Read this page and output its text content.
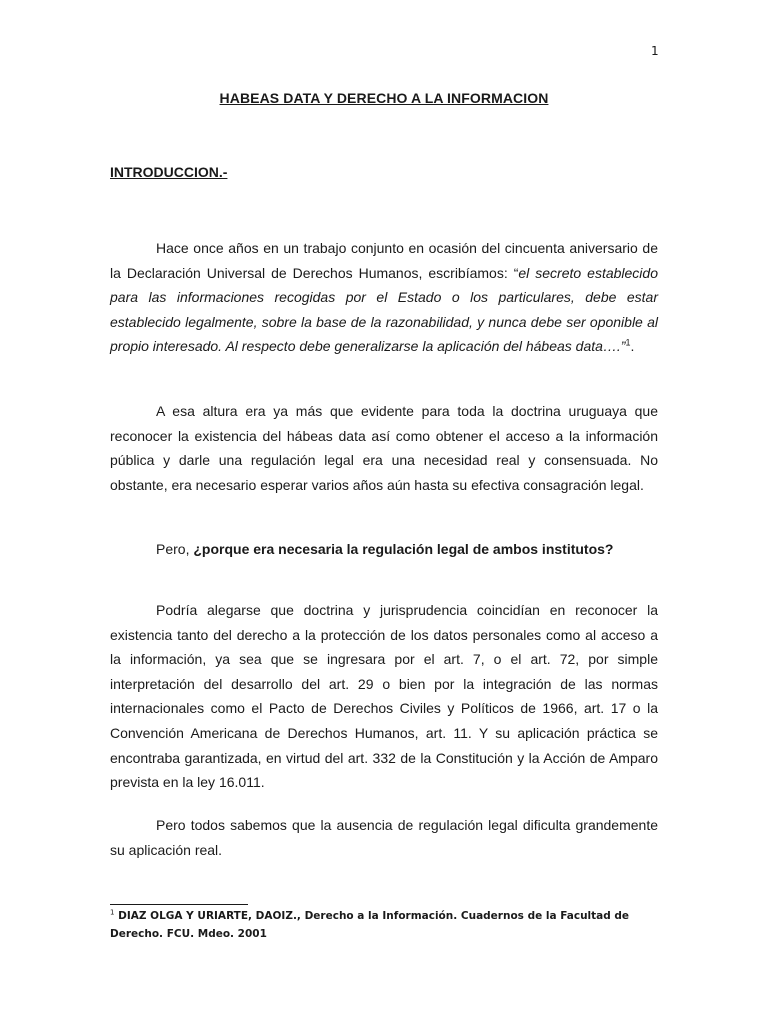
1
HABEAS DATA Y DERECHO A LA INFORMACION
INTRODUCCION.-

Hace once años en un trabajo conjunto en ocasión del cincuenta aniversario de la Declaración Universal de Derechos Humanos, escribíamos: “el secreto establecido para las informaciones recogidas por el Estado o los particulares, debe estar establecido legalmente, sobre la base de la razonabilidad, y nunca debe ser oponible al propio interesado. Al respecto debe generalizarse la aplicación del hábeas data….”$^1$.

A esa altura era ya más que evidente para toda la doctrina uruguaya que reconocer la existencia del hábeas data así como obtener el acceso a la información pública y darle una regulación legal era una necesidad real y consensuada. No obstante, era necesario esperar varios años aún hasta su efectiva consagración legal.

Pero, ¿porque era necesaria la regulación legal de ambos institutos?

Podría alegarse que doctrina y jurisprudencia coincidían en reconocer la existencia tanto del derecho a la protección de los datos personales como al acceso a la información, ya sea que se ingresara por el art. 7, o el art. 72, por simple interpretación del desarrollo del art. 29 o bien por la integración de las normas internacionales como el Pacto de Derechos Civiles y Políticos de 1966, art. 17 o la Convención Americana de Derechos Humanos, art. 11. Y su aplicación práctica se encontraba garantizada, en virtud del art. 332 de la Constitución y la Acción de Amparo prevista en la ley 16.011.

Pero todos sabemos que la ausencia de regulación legal dificulta grandemente su aplicación real.

$^1$ DIAZ OLGA Y URIARTE, DAOIZ., Derecho a la Información. Cuadernos de la Facultad de Derecho. FCU. Mdeo. 2001
